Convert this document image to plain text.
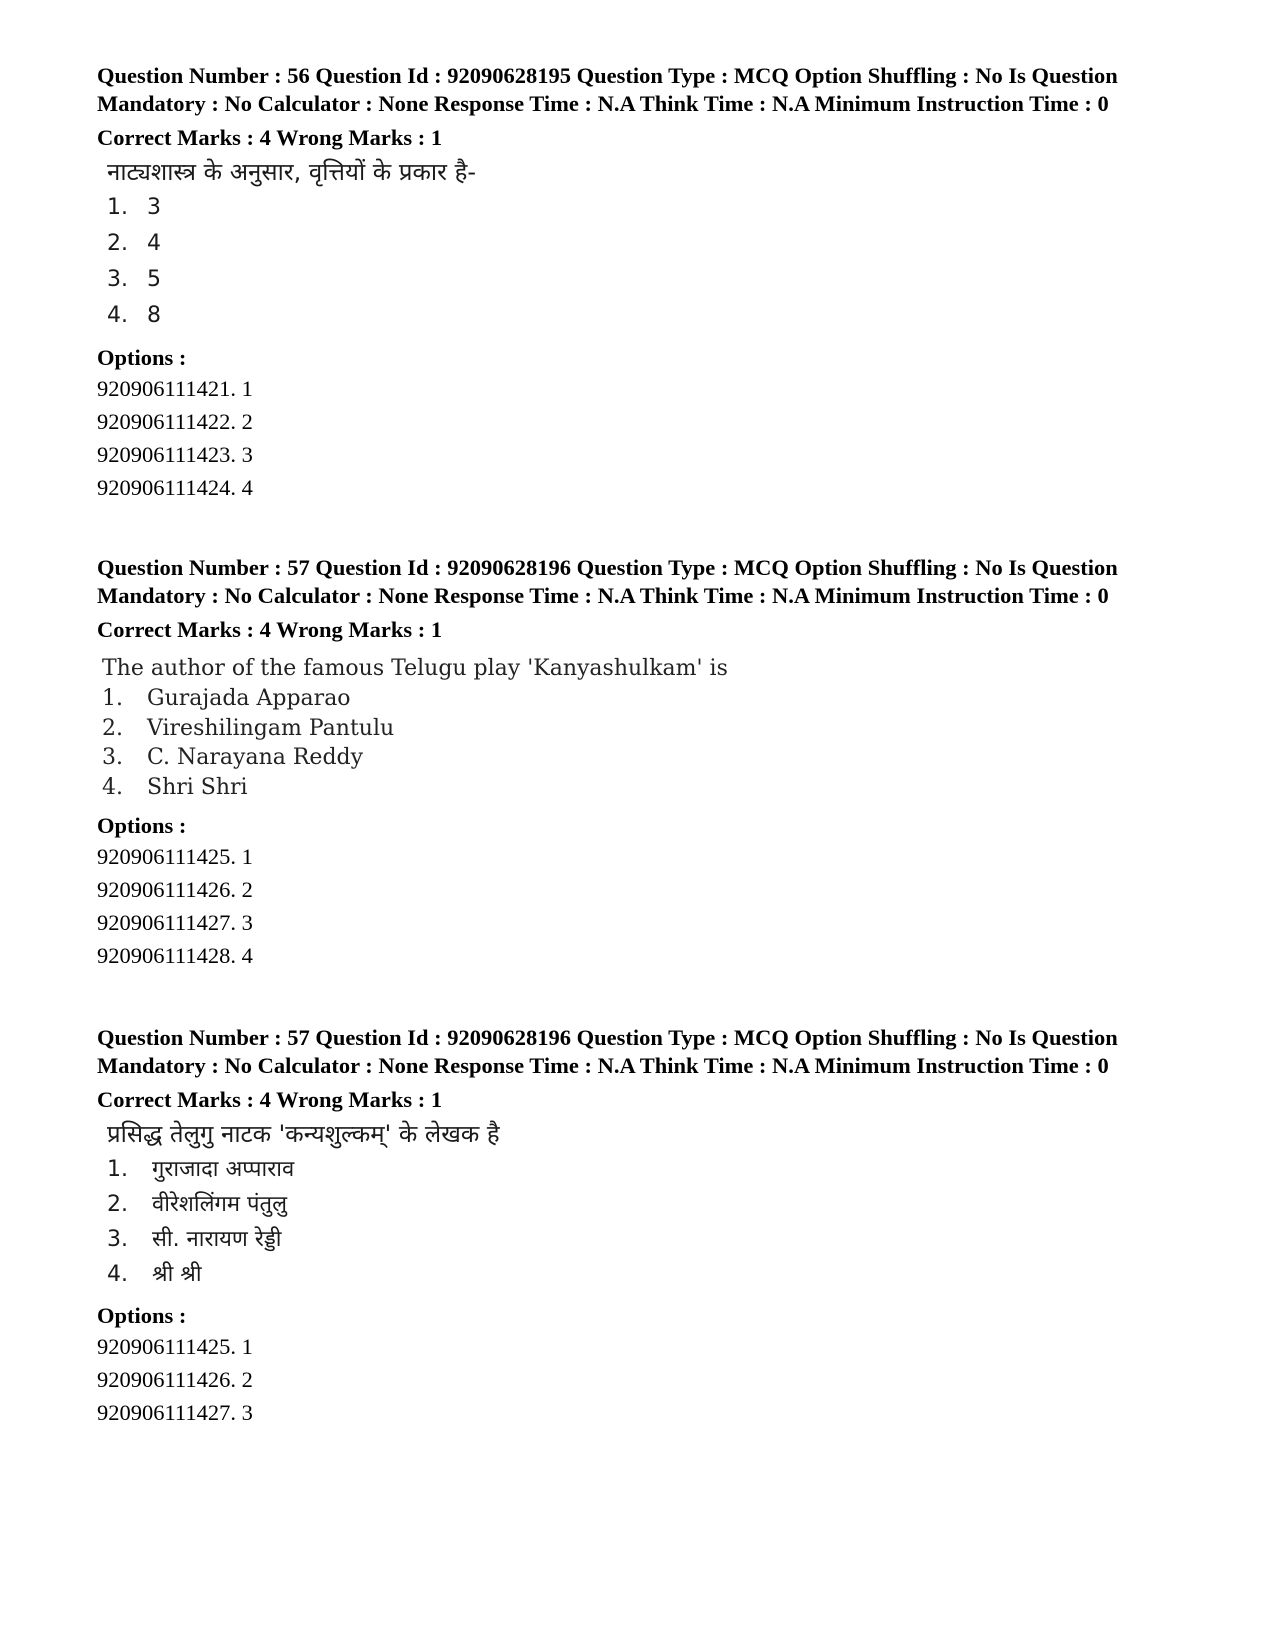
Question Number : 56 Question Id : 92090628195 Question Type : MCQ Option Shuffling : No Is Question Mandatory : No Calculator : None Response Time : N.A Think Time : N.A Minimum Instruction Time : 0
Correct Marks : 4 Wrong Marks : 1
नाट्यशास्त्र के अनुसार, वृत्तियों के प्रकार है-
1. 3
2. 4
3. 5
4. 8
Options :
920906111421. 1
920906111422. 2
920906111423. 3
920906111424. 4
Question Number : 57 Question Id : 92090628196 Question Type : MCQ Option Shuffling : No Is Question Mandatory : No Calculator : None Response Time : N.A Think Time : N.A Minimum Instruction Time : 0
Correct Marks : 4 Wrong Marks : 1
The author of the famous Telugu play 'Kanyashulkam' is
1.	Gurajada Apparao
2.	Vireshilingam Pantulu
3.	C. Narayana Reddy
4.	Shri Shri
Options :
920906111425. 1
920906111426. 2
920906111427. 3
920906111428. 4
Question Number : 57 Question Id : 92090628196 Question Type : MCQ Option Shuffling : No Is Question Mandatory : No Calculator : None Response Time : N.A Think Time : N.A Minimum Instruction Time : 0
Correct Marks : 4 Wrong Marks : 1
प्रसिद्ध तेलुगु नाटक 'कन्यशुल्कम्' के लेखक है
1.	गुराजादा अप्पाराव
2.	वीरेशलिंगम पंतुलु
3.	सी. नारायण रेड्डी
4.	श्री श्री
Options :
920906111425. 1
920906111426. 2
920906111427. 3
